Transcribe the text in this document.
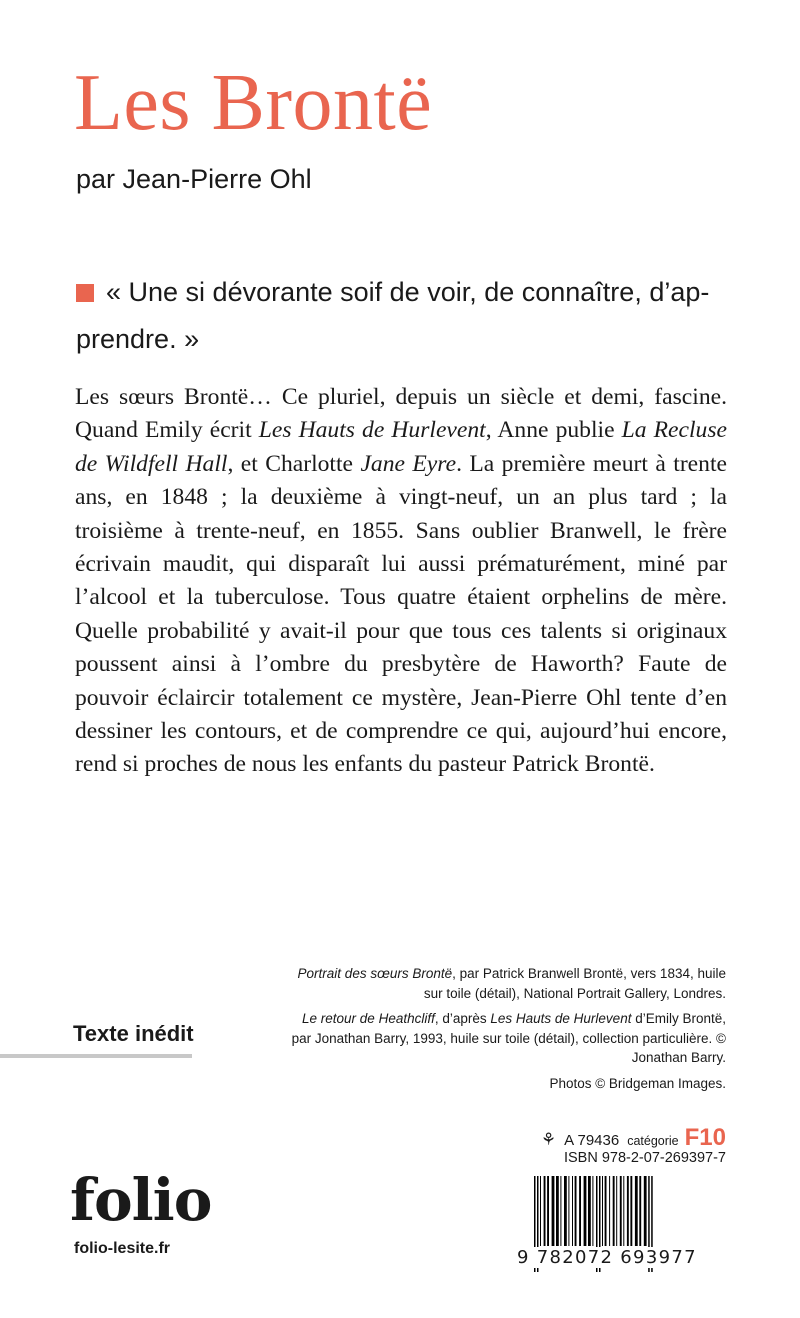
Les Brontë
par Jean-Pierre Ohl

« Une si dévorante soif de voir, de connaître, d’apprendre. »

Les sœurs Brontë… Ce pluriel, depuis un siècle et demi, fascine. Quand Emily écrit Les Hauts de Hurlevent, Anne publie La Recluse de Wildfell Hall, et Charlotte Jane Eyre. La première meurt à trente ans, en 1848 ; la deuxième à vingt-neuf, un an plus tard ; la troisième à trente-neuf, en 1855. Sans oublier Branwell, le frère écrivain maudit, qui disparaît lui aussi prématurément, miné par l’alcool et la tuberculose. Tous quatre étaient orphelins de mère. Quelle probabilité y avait-il pour que tous ces talents si originaux poussent ainsi à l’ombre du presbytère de Haworth? Faute de pouvoir éclaircir totalement ce mystère, Jean-Pierre Ohl tente d’en dessiner les contours, et de comprendre ce qui, aujourd’hui encore, rend si proches de nous les enfants du pasteur Patrick Brontë.

Portrait des sœurs Brontë, par Patrick Branwell Brontë, vers 1834, huile sur toile (détail), National Portrait Gallery, Londres.

Le retour de Heathcliff, d’après Les Hauts de Hurlevent d’Emily Brontë, par Jonathan Barry, 1993, huile sur toile (détail), collection particulière. © Jonathan Barry.

Photos © Bridgeman Images.

Texte inédit
⚘ A 79436 catégorie F10
ISBN 978-2-07-269397-7
9 782072 693977
folio
folio-lesite.fr
